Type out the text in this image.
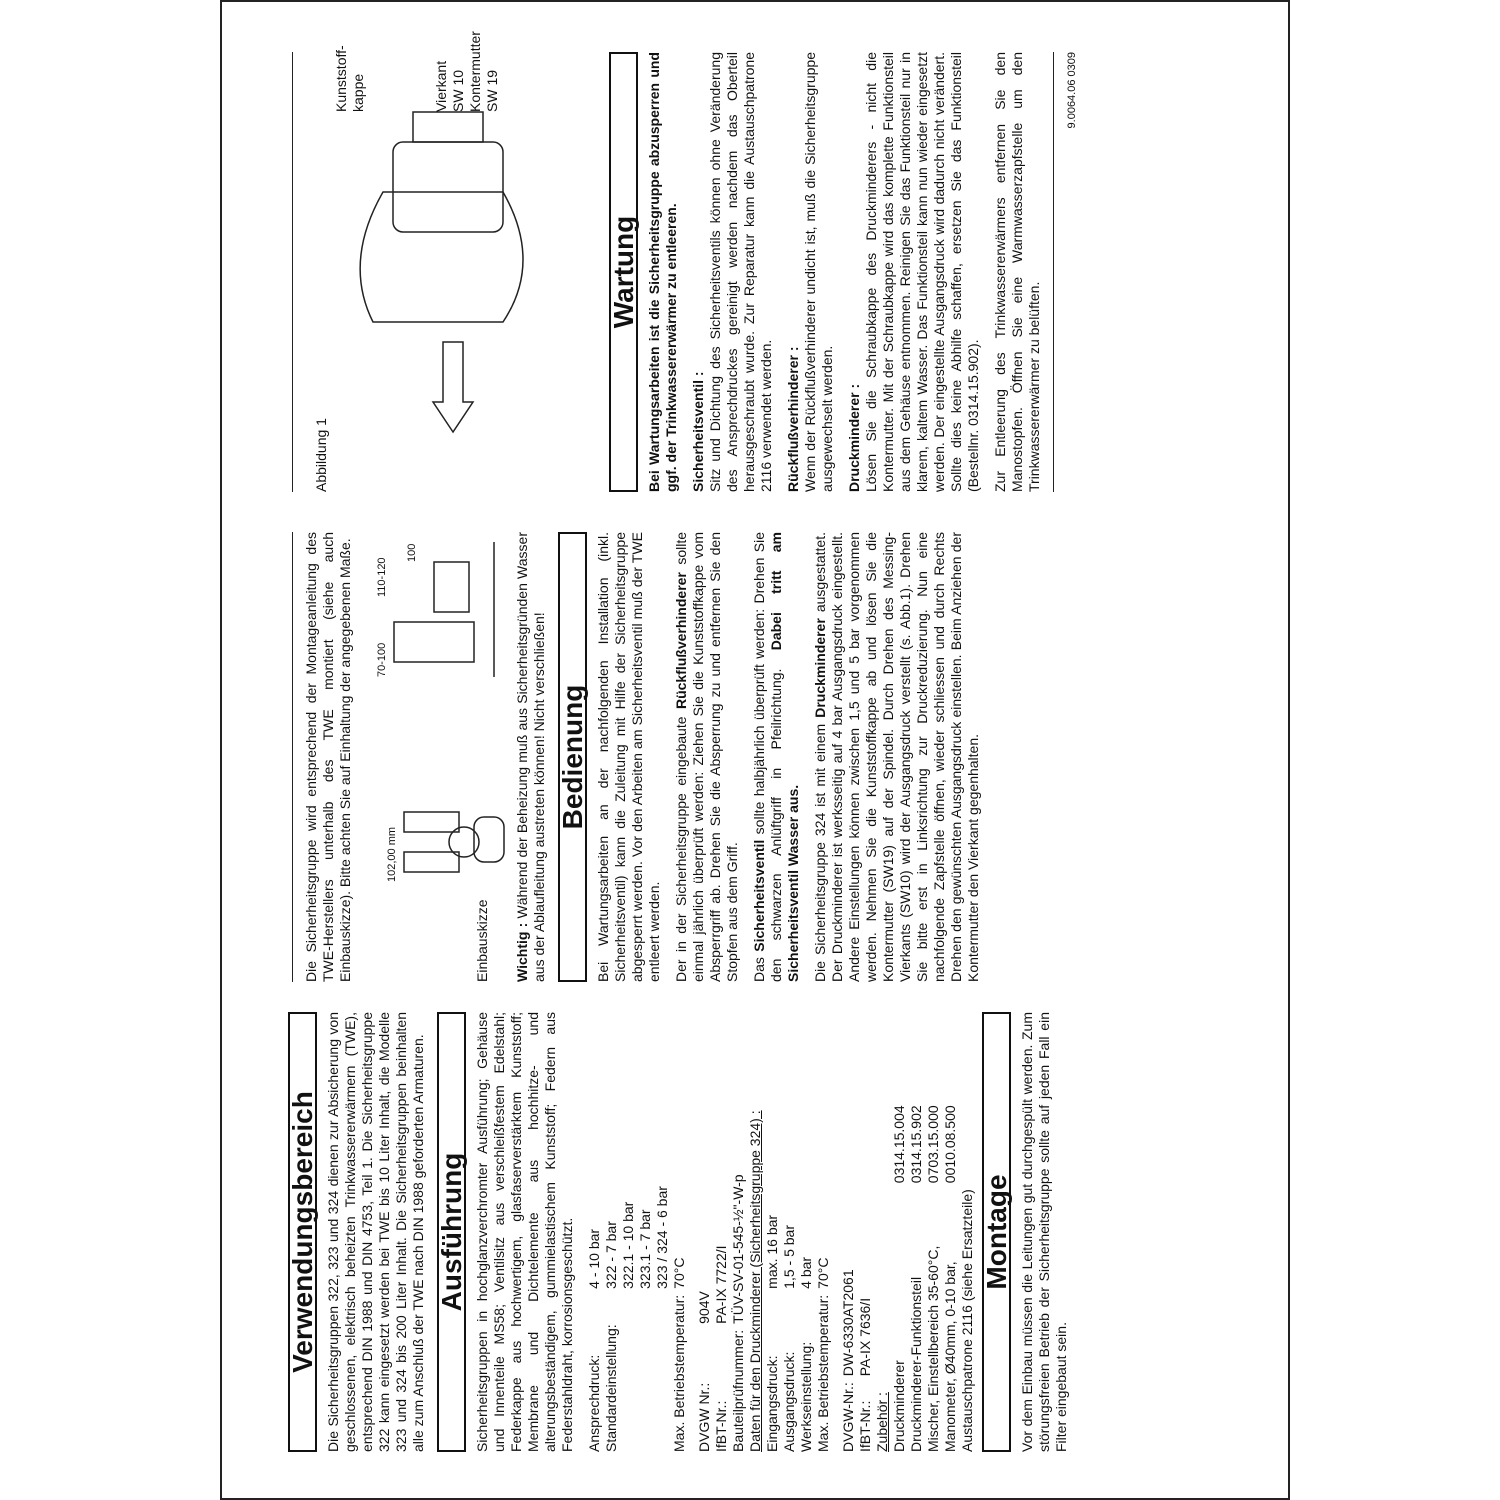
Verwendungsbereich Die Sicherheitsgruppen 322, 323 und 324 dienen zur Absicherung von geschlossenen, elektrisch beheizten Trinkwassererwärmern (TWE), entsprechend DIN 1988 und DIN 4753, Teil 1. Die Sicherheitsgruppe 322 kann eingesetzt werden bei TWE bis 10 Liter Inhalt, die Modelle 323 und 324 bis 200 Liter Inhalt. Die Sicherheitsgruppen beinhalten alle zum Anschluß der TWE nach DIN 1988 geforderten Armaturen. Ausführung Sicherheitsgruppen in hochglanzverchromter Ausführung; Gehäuse und Innenteile MS58; Ventilsitz aus verschleißfestem Edelstahl; Federkappe aus hochwertigem, glasfaserverstärktem Kunststoff; Membrane und Dichtelemente aus hochhitze- und alterungsbeständigem, gummielastischem Kunststoff; Federn aus Federstahldraht, korrosionsgeschützt. Ansprechdruck:	4 - 10 bar
Standardeinstellung:	322 - 7 bar
	322.1 - 10 bar
	323.1 - 7 bar
	323 / 324 - 6 bar
Max. Betriebstemperatur:	70°C
DVGW Nr.:	904V
IfBT-Nr.:	PA-IX 7722/I
Bauteilprüfnummer:	TÜV-SV-01-545-½"-W-p Daten für den Druckminderer (Sicherheitsgruppe 324) : Eingangsdruck:	max. 16 bar
Ausgangsdruck:	1,5 - 5 bar
Werkseinstellung:	4 bar
Max. Betriebstemperatur:	70°C
DVGW-Nr.:	DW-6330AT2061
IfBT-Nr.:	PA-IX 7636/I
Zubehör : Druckminderer	0314.15.004
Druckminderer-Funktionsteil	0314.15.902
Mischer, Einstellbereich 35-60°C,	0703.15.000
Manometer, Ø40mm, 0-10 bar,	0010.08.500
Austauschpatrone 2116 (siehe Ersatzteile)	Montage Vor dem Einbau müssen die Leitungen gut durchgespült werden. Zum störungsfreien Betrieb der Sicherheitsgruppe sollte auf jeden Fall ein Filter eingebaut sein.

Die Sicherheitsgruppe wird entsprechend der Montageanleitung des TWE-Herstellers unterhalb des TWE montiert (siehe auch Einbauskizze). Bitte achten Sie auf Einhaltung der angegebenen Maße.	Einbauskizze
102,00 mm
70-100
110-120
100

Wichtig : Während der Beheizung muß aus Sicherheitsgründen Wasser aus der Ablaufleitung austreten können! Nicht verschließen! Bedienung Bei Wartungsarbeiten an der nachfolgenden Installation (inkl. Sicherheitsventil) kann die Zuleitung mit Hilfe der Sicherheitsgruppe abgesperrt werden. Vor den Arbeiten am Sicherheitsventil muß der TWE entleert werden. Der in der Sicherheitsgruppe eingebaute Rückflußverhinderer sollte einmal jährlich überprüft werden: Ziehen Sie die Kunststoffkappe vom Absperrgriff ab. Drehen Sie die Absperrung zu und entfernen Sie den Stopfen aus dem Griff. Das Sicherheitsventil sollte halbjährlich überprüft werden: Drehen Sie den schwarzen Anlüftgriff in Pfeilrichtung. Dabei tritt am Sicherheitsventil Wasser aus. Die Sicherheitsgruppe 324 ist mit einem Druckminderer ausgestattet. Der Druckminderer ist werksseitig auf 4 bar Ausgangsdruck eingestellt. Andere Einstellungen können zwischen 1,5 und 5 bar vorgenommen werden. Nehmen Sie die Kunststoffkappe ab und lösen Sie die Kontermutter (SW19) auf der Spindel. Durch Drehen des Messing-Vierkants (SW10) wird der Ausgangsdruck verstellt (s. Abb.1). Drehen Sie bitte erst in Linksrichtung zur Druckreduzierung. Nun eine nachfolgende Zapfstelle öffnen, wieder schliessen und durch Rechts Drehen den gewünschten Ausgangsdruck einstellen. Beim Anziehen der Kontermutter den Vierkant gegenhalten.

Abbildung 1
Kunststoff- kappe	Vierkant SW 10 Kontermutter SW 19
Wartung Bei Wartungsarbeiten ist die Sicherheitsgruppe abzusperren und ggf. der Trinkwassererwärmer zu entleeren. Sicherheitsventil : Sitz und Dichtung des Sicherheitsventils können ohne Veränderung des Ansprechdruckes gereinigt werden nachdem das Oberteil herausgeschraubt wurde. Zur Reparatur kann die Austauschpatrone 2116 verwendet werden. Rückflußverhinderer : Wenn der Rückflußverhinderer undicht ist, muß die Sicherheitsgruppe ausgewechselt werden. Druckminderer : Lösen Sie die Schraubkappe des Druckminderers - nicht die Kontermutter. Mit der Schraubkappe wird das komplette Funktionsteil aus dem Gehäuse entnommen. Reinigen Sie das Funktionsteil nur in klarem, kaltem Wasser. Das Funktionsteil kann nun wieder eingesetzt werden. Der eingestellte Ausgangsdruck wird dadurch nicht verändert. Sollte dies keine Abhilfe schaffen, ersetzen Sie das Funktionsteil (Bestellnr. 0314.15.902). Zur Entleerung des Trinkwassererwärmers entfernen Sie den Manostopfen. Öffnen Sie eine Warmwasserzapfstelle um den Trinkwassererwärmer zu belüften.

9.0064.06 0309
